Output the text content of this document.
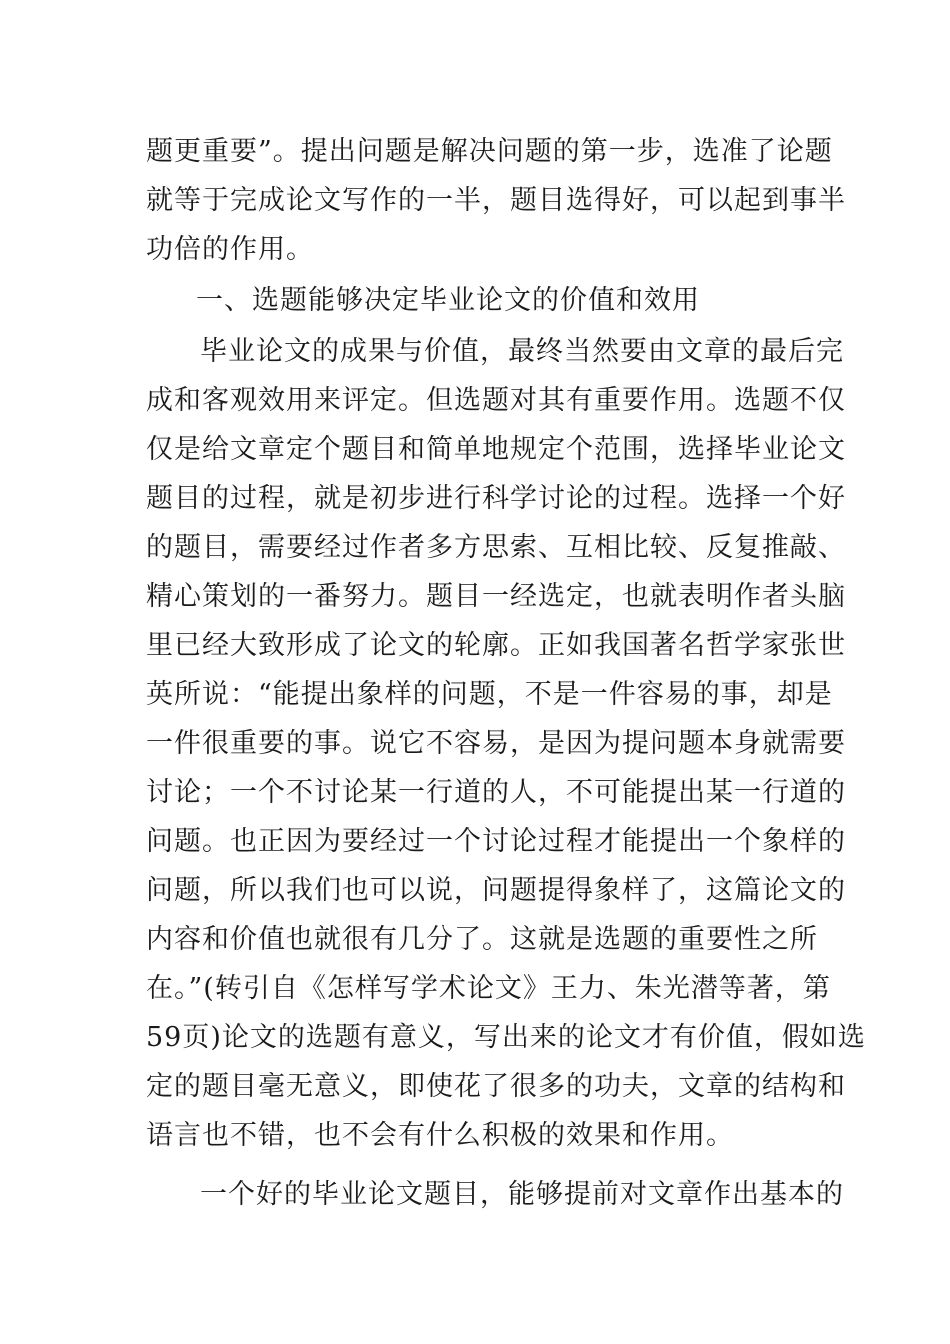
题更重要”。提出问题是解决问题的第一步，选准了论题
就等于完成论文写作的一半，题目选得好，可以起到事半
功倍的作用。
一、选题能够决定毕业论文的价值和效用
毕业论文的成果与价值，最终当然要由文章的最后完
成和客观效用来评定。但选题对其有重要作用。选题不仅
仅是给文章定个题目和简单地规定个范围，选择毕业论文
题目的过程，就是初步进行科学讨论的过程。选择一个好
的题目，需要经过作者多方思索、互相比较、反复推敲、
精心策划的一番努力。题目一经选定，也就表明作者头脑
里已经大致形成了论文的轮廓。正如我国著名哲学家张世
英所说：“能提出象样的问题，不是一件容易的事，却是
一件很重要的事。说它不容易，是因为提问题本身就需要
讨论；一个不讨论某一行道的人，不可能提出某一行道的
问题。也正因为要经过一个讨论过程才能提出一个象样的
问题，所以我们也可以说，问题提得象样了，这篇论文的
内容和价值也就很有几分了。这就是选题的重要性之所
在。”(转引自《怎样写学术论文》王力、朱光潜等著，第
59页)论文的选题有意义，写出来的论文才有价值，假如选
定的题目毫无意义，即使花了很多的功夫，文章的结构和
语言也不错，也不会有什么积极的效果和作用。
一个好的毕业论文题目，能够提前对文章作出基本的
